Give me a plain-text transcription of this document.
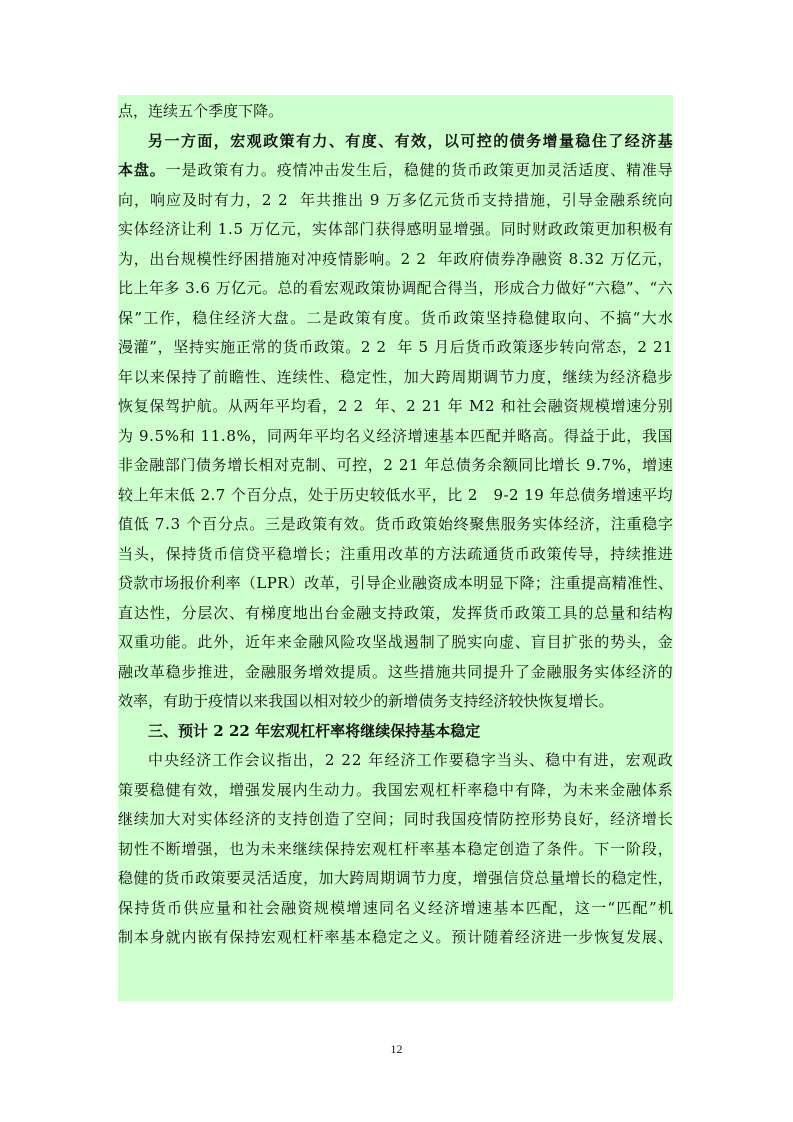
点 ， 连 续 五 个 季 度 下 降 。
另 一 方 面 ， 宏 观 政 策 有 力 、 有 度 、 有 效 ， 以 可 控 的 债 务 增 量 稳 住 了 经 济 基
本 盘 。 一 是 政 策 有 力 。 疫 情 冲 击 发 生 后 ， 稳 健 的 货 币 政 策 更 加 灵 活 适 度 、 精 准 导
向 ， 响 应 及 时 有 力 ， 2
2

年 共 推 出
9
万 多 亿 元 货 币 支 持 措 施 ， 引 导 金 融 系 统 向
实 体 经 济 让 利
1 . 5
万 亿 元 ， 实 体 部 门 获 得 感 明 显 增 强 。 同 时 财 政 政 策 更 加 积 极 有
为 ， 出 台 规 模 性 纾 困 措 施 对 冲 疫 情 影 响 。 2
2

年 政 府 债 券 净 融 资
8 . 3 2
万 亿 元 ，
比 上 年 多
3 . 6
万 亿 元 。 总 的 看 宏 观 政 策 协 调 配 合 得 当 ， 形 成 合 力 做 好 “ 六 稳 ” 、 “ 六
保 ” 工 作 ， 稳 住 经 济 大 盘 。 二 是 政 策 有 度 。 货 币 政 策 坚 持 稳 健 取 向 、 不 搞 “ 大 水
漫 灌 ” ， 坚 持 实 施 正 常 的 货 币 政 策 。 2
2

年
5
月 后 货 币 政 策 逐 步 转 向 常 态 ， 2
2 1
年 以 来 保 持 了 前 瞻 性 、 连 续 性 、 稳 定 性 ， 加 大 跨 周 期 调 节 力 度 ， 继 续 为 经 济 稳 步
恢 复 保 驾 护 航 。 从 两 年 平 均 看 ， 2
2

年 、 2
2 1
年
M 2
和 社 会 融 资 规 模 增 速 分 别
为
9 . 5 % 和
1 1 . 8 % ， 同 两 年 平 均 名 义 经 济 增 速 基 本 匹 配 并 略 高 。 得 益 于 此 ， 我 国
非 金 融 部 门 债 务 增 长 相 对 克 制 、 可 控 ， 2
2 1
年 总 债 务 余 额 同 比 增 长
9 . 7 % ， 增 速
较 上 年 末 低
2 . 7
个 百 分 点 ， 处 于 历 史 较 低 水 平 ， 比
2

9 - 2
1 9
年 总 债 务 增 速 平 均
值 低
7 . 3
个 百 分 点 。 三 是 政 策 有 效 。 货 币 政 策 始 终 聚 焦 服 务 实 体 经 济 ， 注 重 稳 字
当 头 ， 保 持 货 币 信 贷 平 稳 增 长 ； 注 重 用 改 革 的 方 法 疏 通 货 币 政 策 传 导 ， 持 续 推 进
贷 款 市 场 报 价 利 率 （ L P R ） 改 革 ， 引 导 企 业 融 资 成 本 明 显 下 降 ； 注 重 提 高 精 准 性 、
直 达 性 ， 分 层 次 、 有 梯 度 地 出 台 金 融 支 持 政 策 ， 发 挥 货 币 政 策 工 具 的 总 量 和 结 构
双 重 功 能 。 此 外 ， 近 年 来 金 融 风 险 攻 坚 战 遏 制 了 脱 实 向 虚 、 盲 目 扩 张 的 势 头 ， 金
融 改 革 稳 步 推 进 ， 金 融 服 务 增 效 提 质 。 这 些 措 施 共 同 提 升 了 金 融 服 务 实 体 经 济 的
效 率 ， 有 助 于 疫 情 以 来 我 国 以 相 对 较 少 的 新 增 债 务 支 持 经 济 较 快 恢 复 增 长 。
三 、 预 计
2
2 2
年 宏 观 杠 杆 率 将 继 续 保 持 基 本 稳 定
中 央 经 济 工 作 会 议 指 出 ， 2
2 2
年 经 济 工 作 要 稳 字 当 头 、 稳 中 有 进 ， 宏 观 政
策 要 稳 健 有 效 ， 增 强 发 展 内 生 动 力 。 我 国 宏 观 杠 杆 率 稳 中 有 降 ， 为 未 来 金 融 体 系
继 续 加 大 对 实 体 经 济 的 支 持 创 造 了 空 间 ； 同 时 我 国 疫 情 防 控 形 势 良 好 ， 经 济 增 长
韧 性 不 断 增 强 ， 也 为 未 来 继 续 保 持 宏 观 杠 杆 率 基 本 稳 定 创 造 了 条 件 。 下 一 阶 段 ，
稳 健 的 货 币 政 策 要 灵 活 适 度 ， 加 大 跨 周 期 调 节 力 度 ， 增 强 信 贷 总 量 增 长 的 稳 定 性 ，
保 持 货 币 供 应 量 和 社 会 融 资 规 模 增 速 同 名 义 经 济 增 速 基 本 匹 配 ， 这 一 “ 匹 配 ” 机
制 本 身 就 内 嵌 有 保 持 宏 观 杠 杆 率 基 本 稳 定 之 义 。 预 计 随 着 经 济 进 一 步 恢 复 发 展 、
12
